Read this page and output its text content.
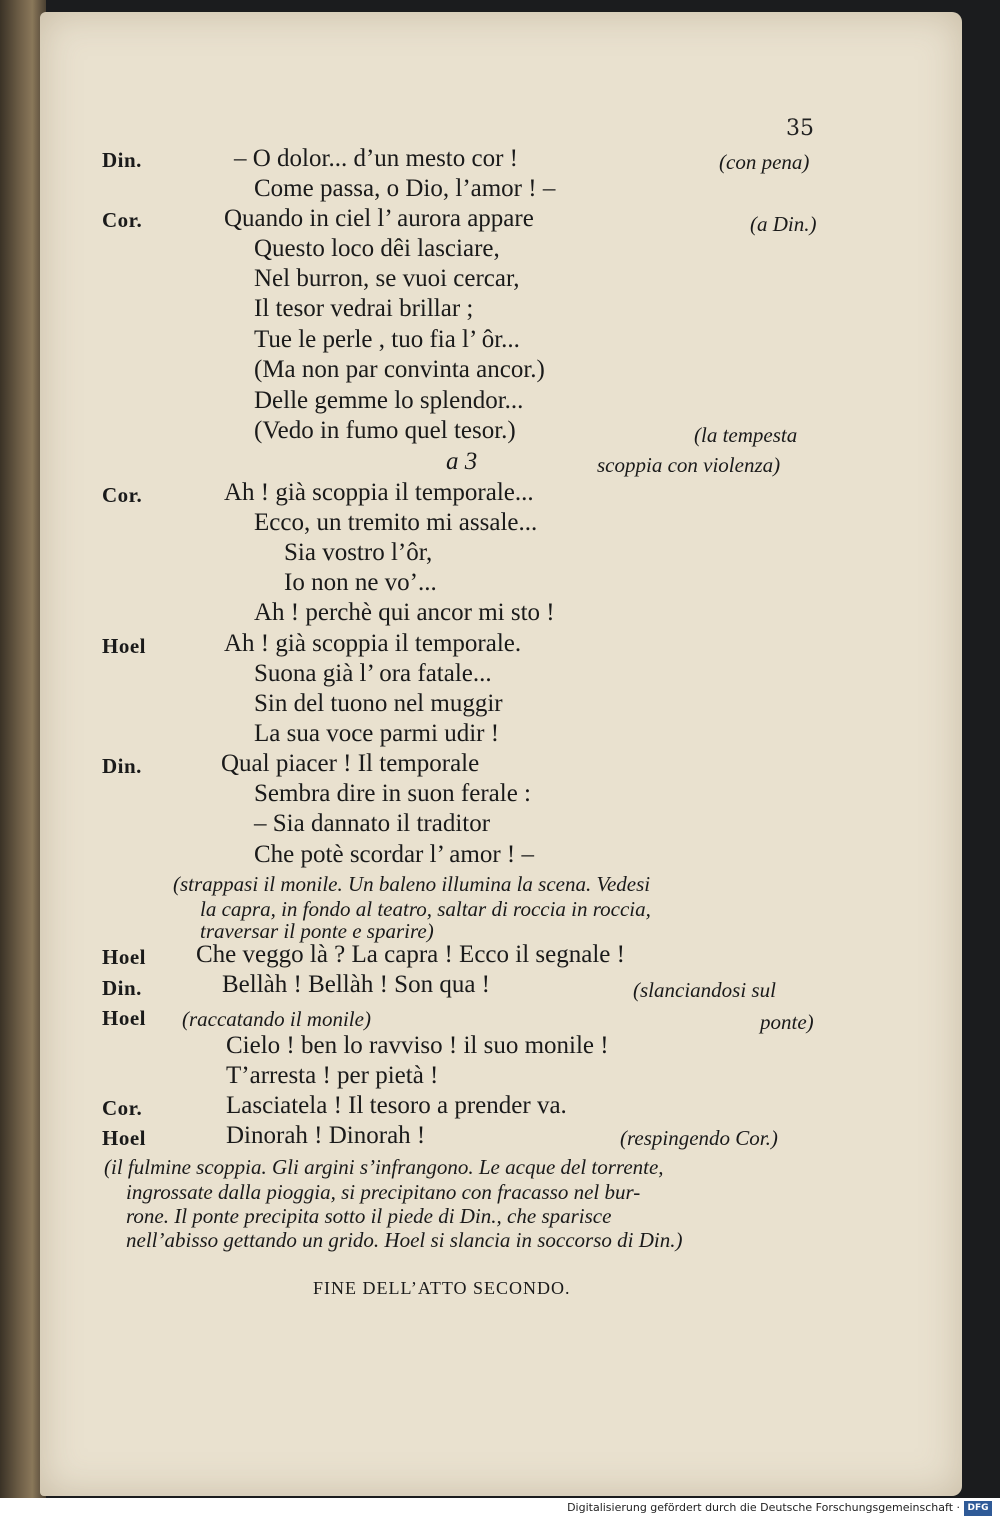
35
Din.
Cor.
Cor.
Hoel
Din.
Hoel
Din.
Hoel
Cor.
Hoel
– O dolor... d’un mesto cor !
Come passa, o Dio, l’amor ! –
Quando in ciel l’ aurora appare
Questo loco dêi lasciare,
Nel burron, se vuoi cercar,
Il tesor vedrai brillar ;
Tue le perle , tuo fia l’ ôr...
(Ma non par convinta ancor.)
Delle gemme lo splendor...
(Vedo in fumo quel tesor.)
a 3
Ah ! già scoppia il temporale...
Ecco, un tremito mi assale...
Sia vostro l’ôr,
Io non ne vo’...
Ah ! perchè qui ancor mi sto !
Ah ! già scoppia il temporale.
Suona già l’ ora fatale...
Sin del tuono nel muggir
La sua voce parmi udir !
Qual piacer ! Il temporale
Sembra dire in suon ferale :
– Sia dannato il traditor
Che potè scordar l’ amor ! –
Che veggo là ? La capra ! Ecco il segnale !
Bellàh ! Bellàh ! Son qua !
Cielo ! ben lo ravviso ! il suo monile !
T’arresta ! per pietà !
Lasciatela ! Il tesoro a prender va.
Dinorah ! Dinorah !
(con pena)
(a Din.)
(la tempesta
scoppia con violenza)
(strappasi il monile. Un baleno illumina la scena. Vedesi
la capra, in fondo al teatro, saltar di roccia in roccia,
traversar il ponte e sparire)
(slanciandosi sul
(raccatando il monile)	ponte)
(respingendo Cor.)
(il fulmine scoppia. Gli argini s’infrangono. Le acque del torrente,
ingrossate dalla pioggia, si precipitano con fracasso nel bur-
rone. Il ponte precipita sotto il piede di Din., che sparisce
nell’abisso gettando un grido. Hoel si slancia in soccorso di Din.)
FINE DELL’ATTO SECONDO.
Digitalisierung gefördert durch die Deutsche Forschungsgemeinschaft · DFG
